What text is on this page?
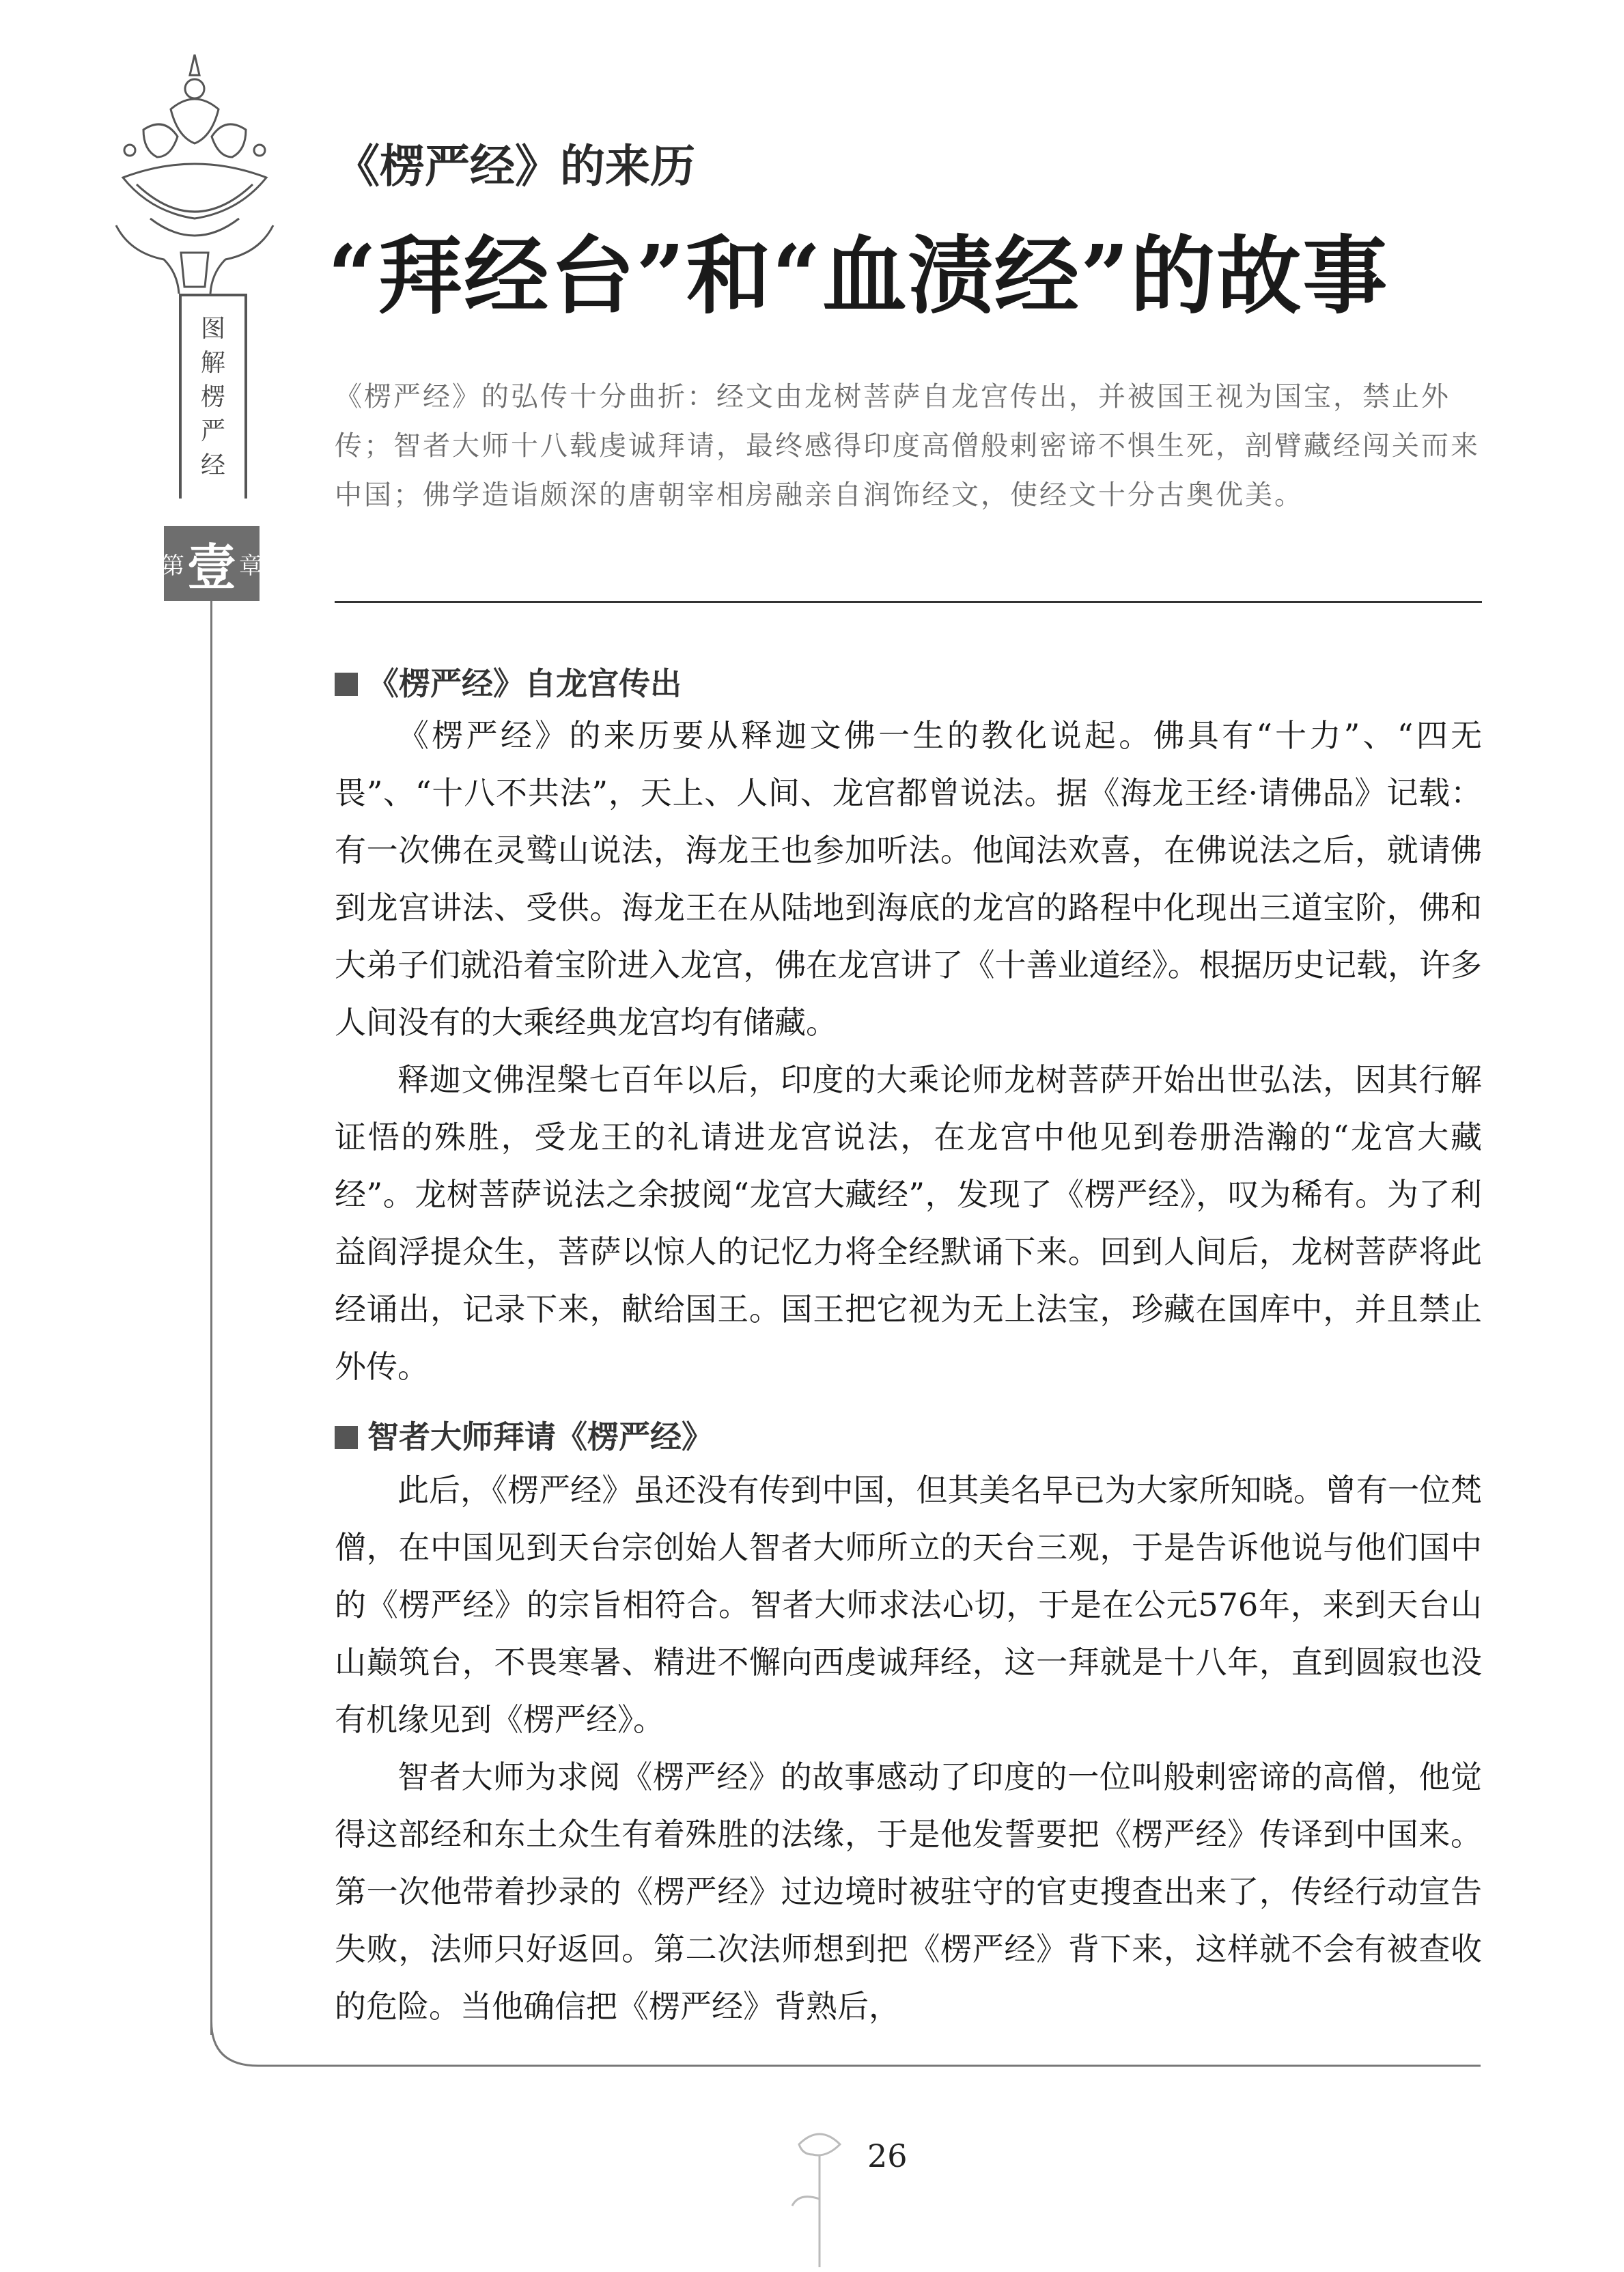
图
解
楞
严
经
第 壹 章
《楞严经》的来历
“拜经台”和“血渍经”的故事
《楞严经》的弘传十分曲折：经文由龙树菩萨自龙宫传出，并被国王视为国宝，禁止外传；智者大师十八载虔诚拜请，最终感得印度高僧般剌密谛不惧生死，剖臂藏经闯关而来中国；佛学造诣颇深的唐朝宰相房融亲自润饰经文，使经文十分古奥优美。
《楞严经》自龙宫传出

《楞严经》的来历要从释迦文佛一生的教化说起。佛具有“十力”、“四无畏”、“十八不共法”，天上、人间、龙宫都曾说法。据《海龙王经·请佛品》记载：有一次佛在灵鹫山说法，海龙王也参加听法。他闻法欢喜，在佛说法之后，就请佛到龙宫讲法、受供。海龙王在从陆地到海底的龙宫的路程中化现出三道宝阶，佛和大弟子们就沿着宝阶进入龙宫，佛在龙宫讲了《十善业道经》。根据历史记载，许多人间没有的大乘经典龙宫均有储藏。

释迦文佛涅槃七百年以后，印度的大乘论师龙树菩萨开始出世弘法，因其行解证悟的殊胜，受龙王的礼请进龙宫说法，在龙宫中他见到卷册浩瀚的“龙宫大藏经”。龙树菩萨说法之余披阅“龙宫大藏经”，发现了《楞严经》，叹为稀有。为了利益阎浮提众生，菩萨以惊人的记忆力将全经默诵下来。回到人间后，龙树菩萨将此经诵出，记录下来，献给国王。国王把它视为无上法宝，珍藏在国库中，并且禁止外传。

智者大师拜请《楞严经》

此后，《楞严经》虽还没有传到中国，但其美名早已为大家所知晓。曾有一位梵僧，在中国见到天台宗创始人智者大师所立的天台三观，于是告诉他说与他们国中的《楞严经》的宗旨相符合。智者大师求法心切，于是在公元576年，来到天台山山巅筑台，不畏寒暑、精进不懈向西虔诚拜经，这一拜就是十八年，直到圆寂也没有机缘见到《楞严经》。

智者大师为求阅《楞严经》的故事感动了印度的一位叫般剌密谛的高僧，他觉得这部经和东土众生有着殊胜的法缘，于是他发誓要把《楞严经》传译到中国来。第一次他带着抄录的《楞严经》过边境时被驻守的官吏搜查出来了，传经行动宣告失败，法师只好返回。第二次法师想到把《楞严经》背下来，这样就不会有被查收的危险。当他确信把《楞严经》背熟后，

26
